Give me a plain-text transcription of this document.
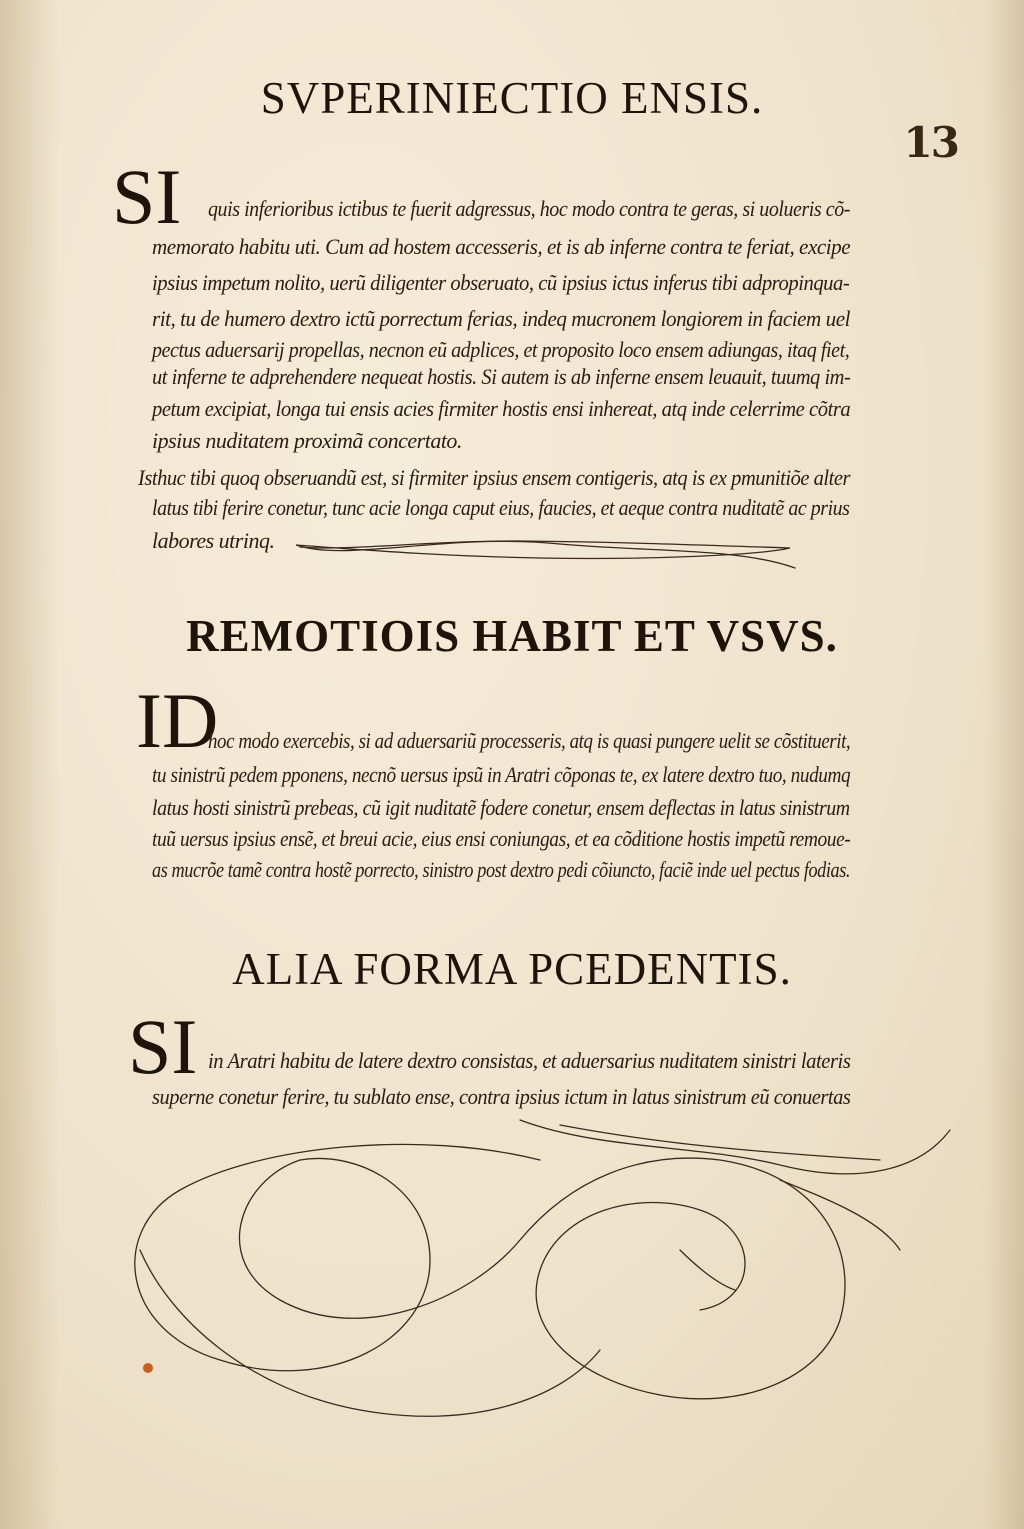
13
SVPERINIECTIO ENSIS.
SI quis inferioribus ictibus te fuerit adgressus, hoc modo contra te geras, si uolueris cõ-
memorato habitu uti. Cum ad hostem accesseris, et is ab inferne contra te feriat, excipe
ipsius impetum nolito, uerũ diligenter obseruato, cũ ipsius ictus inferus tibi adpropinqua-
rit, tu de humero dextro ictũ porrectum ferias, indeq mucronem longiorem in faciem uel
pectus aduersarij propellas, necnon eũ adplices, et proposito loco ensem adiungas, itaq fiet,
ut inferne te adprehendere nequeat hostis. Si autem is ab inferne ensem leuauit, tuumq im-
petum excipiat, longa tui ensis acies firmiter hostis ensi inhereat, atq inde celerrime cõtra
ipsius nuditatem proximã concertato.
Isthuc tibi quoq obseruandũ est, si firmiter ipsius ensem contigeris, atq is ex pmunitiõe alter
latus tibi ferire conetur, tunc acie longa caput eius, faucies, et aeque contra nuditatẽ ac prius
labores utrinq.
REMOTIOIS HABIT ET VSVS.
ID
hoc modo exercebis, si ad aduersariũ processeris, atq is quasi pungere uelit se cõstituerit,
tu sinistrũ pedem pponens, necnõ uersus ipsũ in Aratri cõponas te, ex latere dextro tuo, nudumq
latus hosti sinistrũ prebeas, cũ igit nuditatẽ fodere conetur, ensem deflectas in latus sinistrum
tuũ uersus ipsius ensẽ, et breui acie, eius ensi coniungas, et ea cõditione hostis impetũ remoue-
as mucrõe tamẽ contra hostẽ porrecto, sinistro post dextro pedi cõiuncto, faciẽ inde uel pectus fodias.
ALIA FORMA PCEDENTIS.
SI in Aratri habitu de latere dextro consistas, et aduersarius nuditatem sinistri lateris
superne conetur ferire, tu sublato ense, contra ipsius ictum in latus sinistrum eũ conuertas
